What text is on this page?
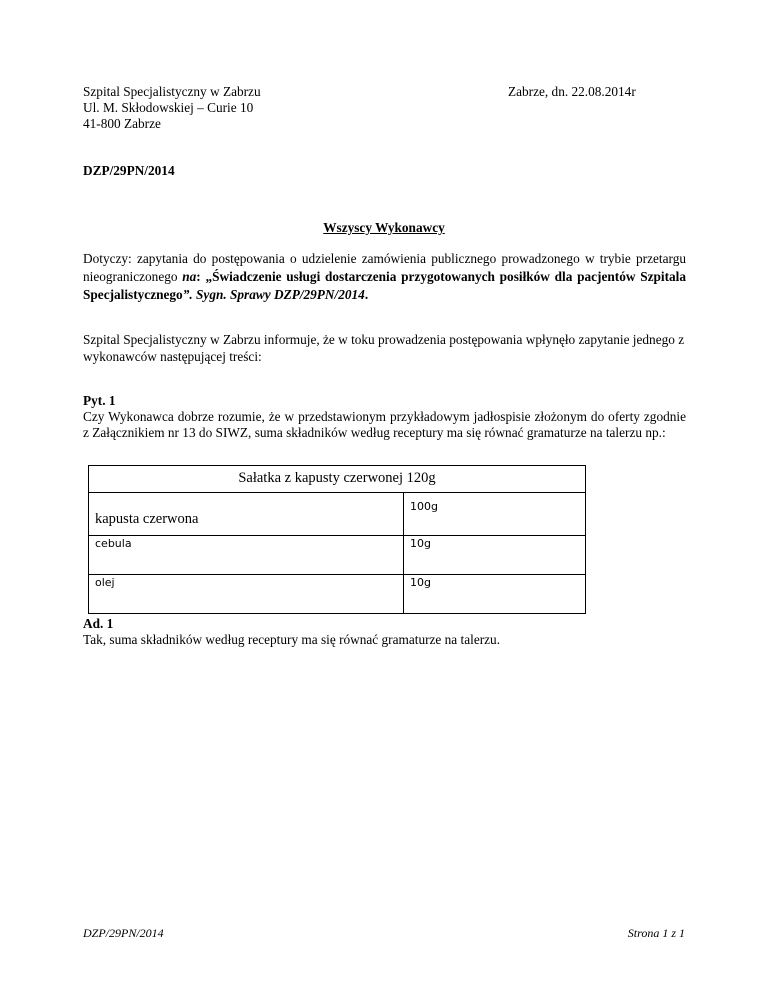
Szpital Specjalistyczny w Zabrzu
Ul. M. Skłodowskiej – Curie 10
41-800 Zabrze
Zabrze, dn. 22.08.2014r
DZP/29PN/2014
Wszyscy Wykonawcy
Dotyczy: zapytania do postępowania o udzielenie zamówienia publicznego prowadzonego w trybie przetargu nieograniczonego na: „Świadczenie usługi dostarczenia przygotowanych posiłków dla pacjentów Szpitala Specjalistycznego”. Sygn. Sprawy DZP/29PN/2014.
Szpital Specjalistyczny w Zabrzu informuje, że w toku prowadzenia postępowania wpłynęło zapytanie jednego z wykonawców następującej treści:
Pyt. 1
Czy Wykonawca dobrze rozumie, że w przedstawionym przykładowym jadłospisie złożonym do oferty zgodnie z Załącznikiem nr 13 do SIWZ, suma składników według receptury ma się równać gramaturze na talerzu np.:
Sałatka z kapusty czerwonej 120g	
kapusta czerwona	100g
cebula	10g
olej	10g
Ad. 1
Tak, suma składników według receptury ma się równać gramaturze na talerzu.
DZP/29PN/2014	Strona 1 z 1
